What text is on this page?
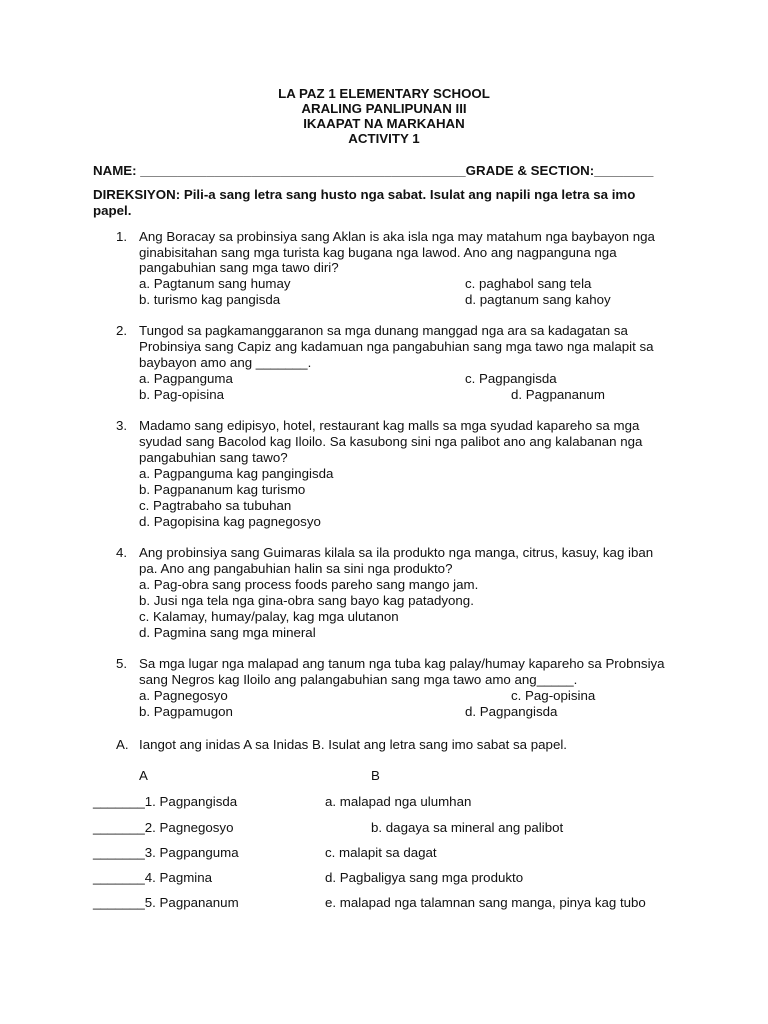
LA PAZ 1 ELEMENTARY SCHOOL
ARALING PANLIPUNAN III
IKAAPAT NA MARKAHAN
ACTIVITY 1
NAME: ____________________________________________GRADE & SECTION:________
DIREKSIYON: Pili-a sang letra sang husto nga sabat. Isulat ang napili nga letra sa imo
papel.
1. Ang Boracay sa probinsiya sang Aklan is aka isla nga may matahum nga baybayon nga
ginabisitahan sang mga turista kag bugana nga lawod. Ano ang nagpanguna nga
pangabuhian sang mga tawo diri?
a. Pagtanum sang humay	c. paghabol sang tela
b. turismo kag pangisda	d. pagtanum sang kahoy
2. Tungod sa pagkamanggaranon sa mga dunang manggad nga ara sa kadagatan sa
Probinsiya sang Capiz ang kadamuan nga pangabuhian sang mga tawo nga malapit sa
baybayon amo ang _______.
a. Pagpanguma	c. Pagpangisda
b. Pag-opisina	d. Pagpananum
3. Madamo sang edipisyo, hotel, restaurant kag malls sa mga syudad kapareho sa mga
syudad sang Bacolod kag Iloilo. Sa kasubong sini nga palibot ano ang kalabanan nga
pangabuhian sang tawo?
a. Pagpanguma kag pangingisda
b. Pagpananum kag turismo
c. Pagtrabaho sa tubuhan
d. Pagopisina kag pagnegosyo
4. Ang probinsiya sang Guimaras kilala sa ila produkto nga manga, citrus, kasuy, kag iban
pa. Ano ang pangabuhian halin sa sini nga produkto?
a. Pag-obra sang process foods pareho sang mango jam.
b. Jusi nga tela nga gina-obra sang bayo kag patadyong.
c. Kalamay, humay/palay, kag mga ulutanon
d. Pagmina sang mga mineral
5. Sa mga lugar nga malapad ang tanum nga tuba kag palay/humay kapareho sa Probnsiya
sang Negros kag Iloilo ang palangabuhian sang mga tawo amo ang_____.
a. Pagnegosyo	c. Pag-opisina
b. Pagpamugon	d. Pagpangisda
A. Iangot ang inidas A sa Inidas B. Isulat ang letra sang imo sabat sa papel.
A	B
_______1. Pagpangisda	a. malapad nga ulumhan
_______2. Pagnegosyo	b. dagaya sa mineral ang palibot
_______3. Pagpanguma	c. malapit sa dagat
_______4. Pagmina	d. Pagbaligya sang mga produkto
_______5. Pagpananum	e. malapad nga talamnan sang manga, pinya kag tubo
